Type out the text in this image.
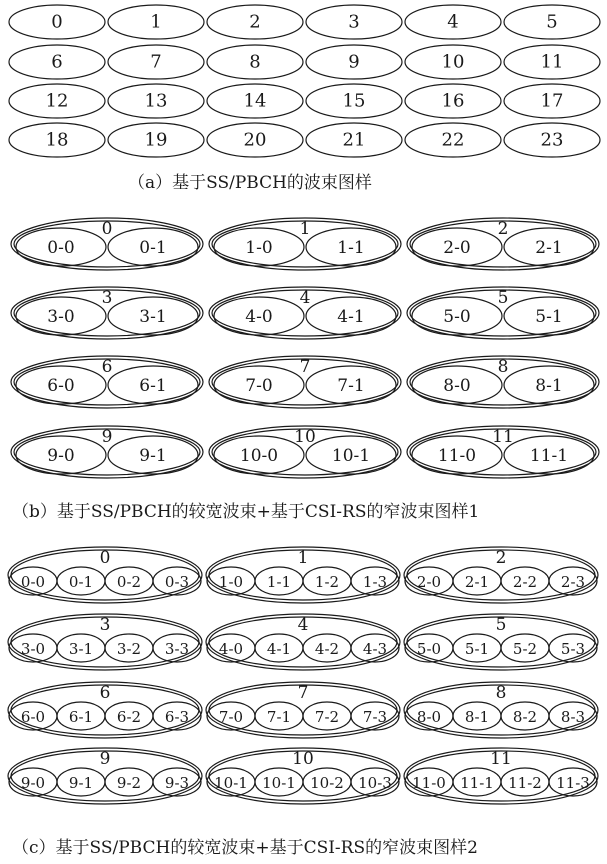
（a）基于SS/PBCH的波束图样
（b）基于SS/PBCH的较宽波束+基于CSI-RS的窄波束图样1
（c）基于SS/PBCH的较宽波束+基于CSI-RS的窄波束图样2
0	1	2	3	4	5
6	7	8	9	10	11
12	13	14	15	16	17
18	19	20	21	22	23
0
0-0	0-1
1
1-0	1-1
2
2-0	2-1
3
3-0	3-1
4
4-0	4-1
5
5-0	5-1
6
6-0	6-1
7
7-0	7-1
8
8-0	8-1
9
9-0	9-1
10
10-0	10-1
11
11-0	11-1
0
0-0 0-1 0-2 0-3
1
1-0 1-1 1-2 1-3
2
2-0 2-1 2-2 2-3
3
3-0 3-1 3-2 3-3
4
4-0 4-1 4-2 4-3
5
5-0 5-1 5-2 5-3
6
6-0 6-1 6-2 6-3
7
7-0 7-1 7-2 7-3
8
8-0 8-1 8-2 8-3
9
9-0 9-1 9-2 9-3
10
10-1 10-1 10-2 10-3
11
11-0 11-1 11-2 11-3
